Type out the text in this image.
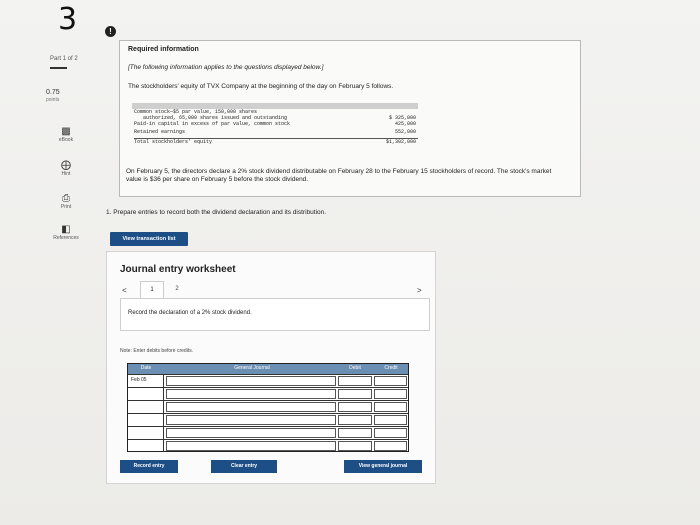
3
Part 1 of 2
0.75
points
▩
eBook
⨁
Hint
⎙
Print
◧
References
!
Required information
[The following information applies to the questions displayed below.]
The stockholders' equity of TVX Company at the beginning of the day on February 5 follows.
Common stock—$5 par value, 150,000 shares
authorized, 65,000 shares issued and outstanding	$ 325,000
Paid-in capital in excess of par value, common stock	425,000
Retained earnings	552,000
Total stockholders' equity	$1,302,000
On February 5, the directors declare a 2% stock dividend distributable on February 28 to the February 15 stockholders of record. The stock's market value is $36 per share on February 5 before the stock dividend.
1. Prepare entries to record both the dividend declaration and its distribution.
View transaction list
Journal entry worksheet
<	1	2	>
Record the declaration of a 2% stock dividend.
Note: Enter debits before credits.
Date	General Journal	Debit	Credit
Feb 05
Record entry	Clear entry	View general journal
